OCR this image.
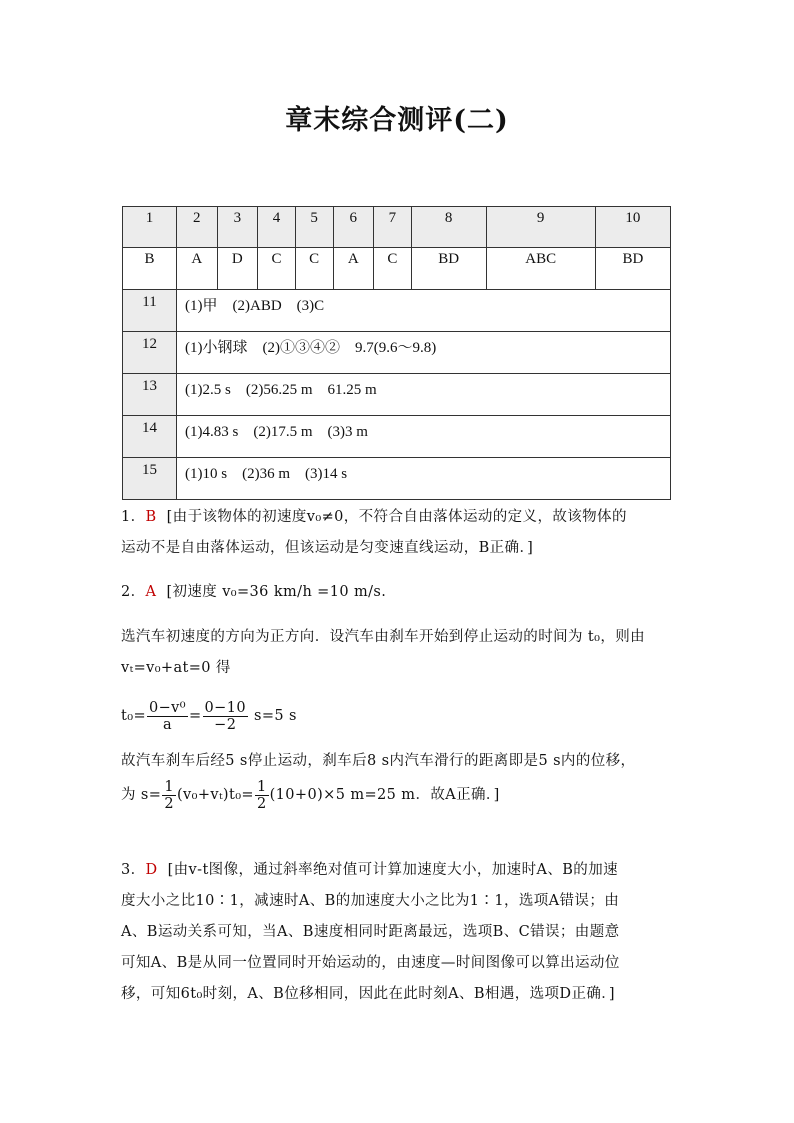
章末综合测评(二)
1	2	3	4	5	6	7	8	9	10
B	A	D	C	C	A	C	BD	ABC	BD
11	(1)甲　(2)ABD　(3)C								
12	(1)小钢球　(2)①③④②　9.7(9.6～9.8)								
13	(1)2.5 s　(2)56.25 m　61.25 m								
14	(1)4.83 s　(2)17.5 m　(3)3 m								
15	(1)10 s　(2)36 m　(3)14 s								

1．B [由于该物体的初速度v₀≠0，不符合自由落体运动的定义，故该物体的

运动不是自由落体运动，但该运动是匀变速直线运动，B正确．]

2．A [初速度 v₀=36 km/h =10 m/s.

选汽车初速度的方向为正方向．设汽车由刹车开始到停止运动的时间为 t₀，则由

vₜ=v₀+at=0 得

$t_0= \frac{\text{0−v⁰}}{a} = \frac{0-10}{-2} s=5$ s

故汽车刹车后经5 s停止运动，刹车后8 s内汽车滑行的距离即是5 s内的位移，

为 $s= \frac{1}{2} (v_0+v_t)t_0= \frac{1}{2} (10+0)\times 5$ m=25 m．故A正确．]

3．D [由v-t图像，通过斜率绝对值可计算加速度大小，加速时A、B的加速

度大小之比10∶1，减速时A、B的加速度大小之比为1∶1，选项A错误；由

A、B运动关系可知，当A、B速度相同时距离最远，选项B、C错误；由题意

可知A、B是从同一位置同时开始运动的，由速度—时间图像可以算出运动位

移，可知6t₀时刻，A、B位移相同，因此在此时刻A、B相遇，选项D正确．]
